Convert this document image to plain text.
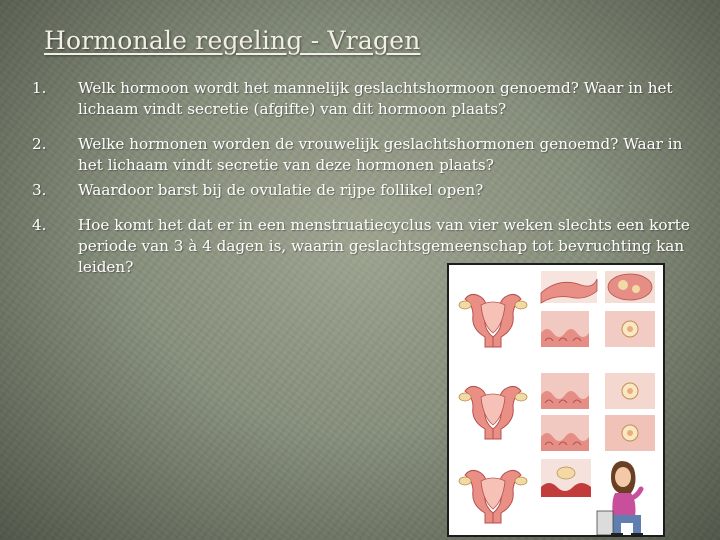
Hormonale regeling - Vragen
1. Welk hormoon wordt het mannelijk geslachtshormoon genoemd? Waar in het lichaam vindt secretie (afgifte) van dit hormoon plaats?
2. Welke hormonen worden de vrouwelijk geslachtshormonen genoemd? Waar in het lichaam vindt secretie van deze hormonen plaats?
3. Waardoor barst bij de ovulatie de rijpe follikel open?
4. Hoe komt het dat er in een menstruatiecyclus van vier weken slechts een korte periode van 3 à 4 dagen is, waarin geslachtsgemeenschap tot bevruchting kan leiden?
